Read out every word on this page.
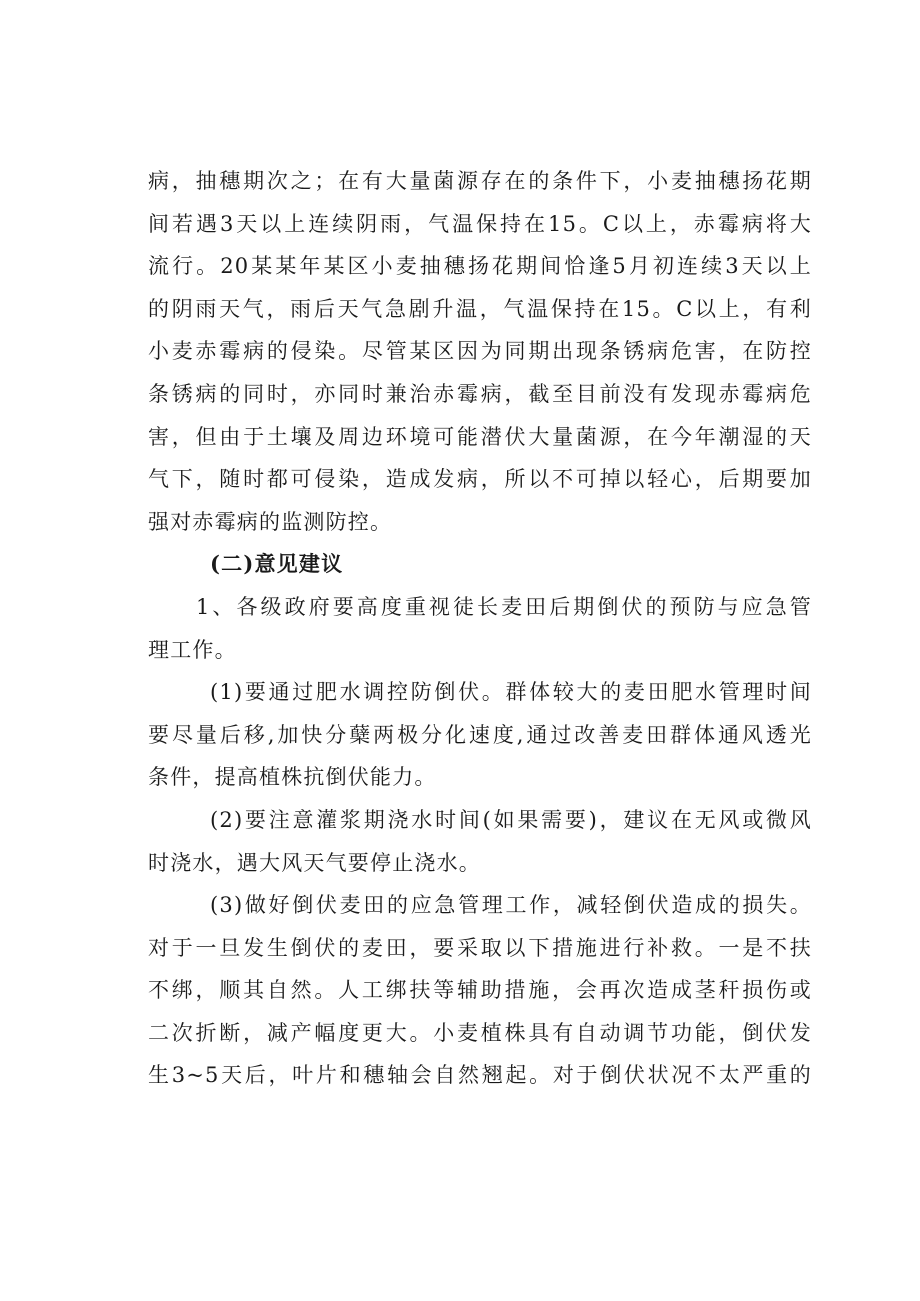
病，抽穗期次之；在有大量菌源存在的条件下，小麦抽穗扬花期
间若遇3天以上连续阴雨，气温保持在15。C以上，赤霉病将大
流行。20某某年某区小麦抽穗扬花期间恰逢5月初连续3天以上
的阴雨天气，雨后天气急剧升温，气温保持在15。C以上，有利
小麦赤霉病的侵染。尽管某区因为同期出现条锈病危害，在防控
条锈病的同时，亦同时兼治赤霉病，截至目前没有发现赤霉病危
害，但由于土壤及周边环境可能潜伏大量菌源，在今年潮湿的天
气下，随时都可侵染，造成发病，所以不可掉以轻心，后期要加
强对赤霉病的监测防控。
(二)意见建议
1、各级政府要高度重视徒长麦田后期倒伏的预防与应急管
理工作。
(1)要通过肥水调控防倒伏。群体较大的麦田肥水管理时间
要尽量后移,加快分蘖两极分化速度,通过改善麦田群体通风透光
条件，提高植株抗倒伏能力。
(2)要注意灌浆期浇水时间(如果需要)，建议在无风或微风
时浇水，遇大风天气要停止浇水。
(3)做好倒伏麦田的应急管理工作，减轻倒伏造成的损失。
对于一旦发生倒伏的麦田，要采取以下措施进行补救。一是不扶
不绑，顺其自然。人工绑扶等辅助措施，会再次造成茎秆损伤或
二次折断，减产幅度更大。小麦植株具有自动调节功能，倒伏发
生3~5天后，叶片和穗轴会自然翘起。对于倒伏状况不太严重的
